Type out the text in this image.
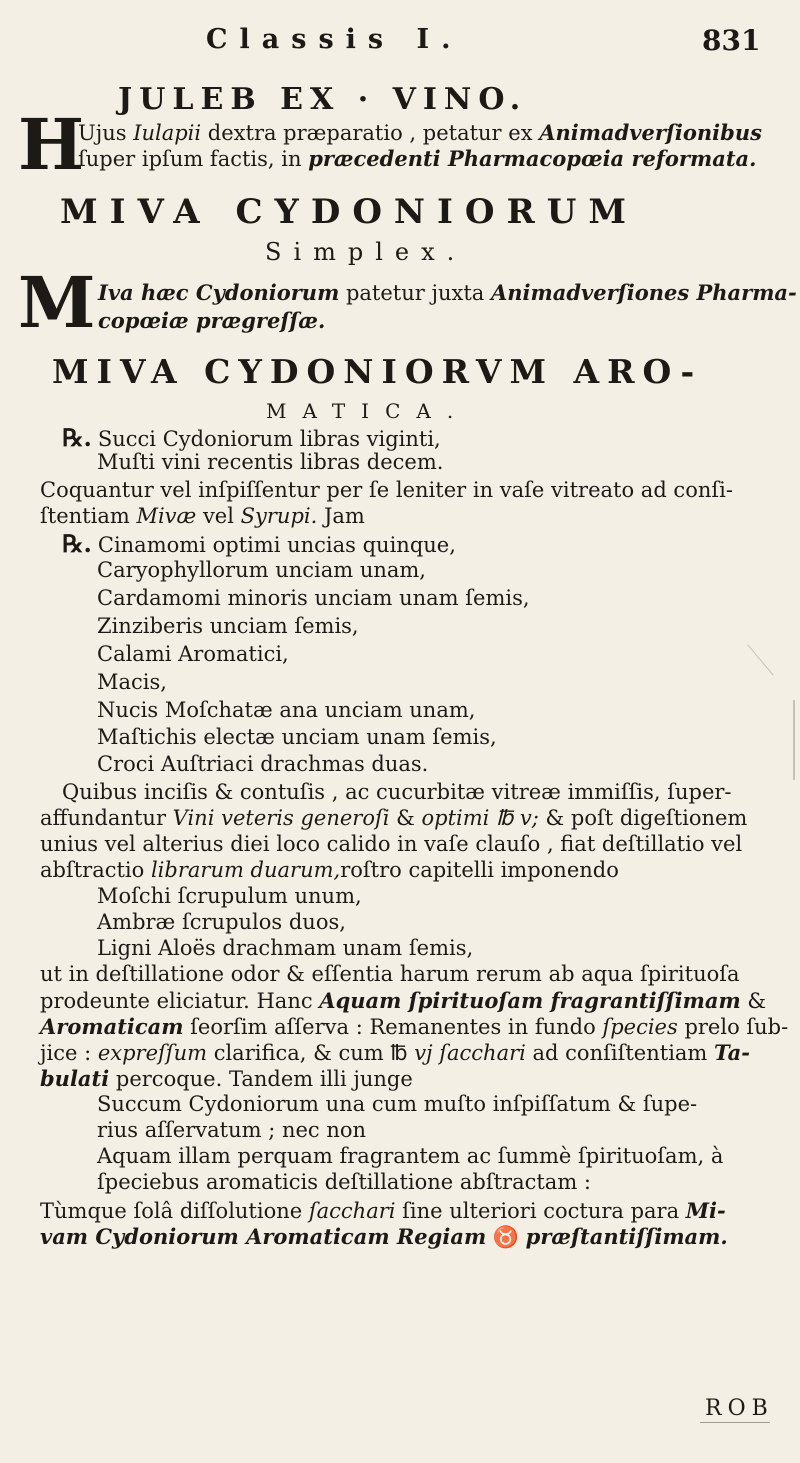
Classis I.	831
JULEB EX · VINO.
H
Ujus Iulapii dextra præparatio , petatur ex Animadverſionibus
ſuper ipſum factis, in præcedenti Pharmacopœia reformata.
MIVA CYDONIORUM
Simplex.
M Iva hæc Cydoniorum patetur juxta Animadverſiones Pharma-
copœiæ prægreſſæ.
MIVA CYDONIORVM ARO-
MATICA.
℞. Succi Cydoniorum libras viginti,
Muſti vini recentis libras decem.
Coquantur vel inſpiſſentur per ſe leniter in vaſe vitreato ad conſi-
ſtentiam Mivæ vel Syrupi. Jam
℞. Cinamomi optimi uncias quinque,
Caryophyllorum unciam unam,
Cardamomi minoris unciam unam ſemis,
Zinziberis unciam ſemis,
Calami Aromatici,
Macis,
Nucis Moſchatæ ana unciam unam,
Maſtichis electæ unciam unam ſemis,
Croci Auſtriaci drachmas duas.
Quibus inciſis & contuſis , ac cucurbitæ vitreæ immiſſis, ſuper-
affundantur Vini veteris generoſi & optimi ℔ v; & poſt digeſtionem
unius vel alterius diei loco calido in vaſe clauſo , fiat deſtillatio vel
abſtractio librarum duarum,roſtro capitelli imponendo
Moſchi ſcrupulum unum,
Ambræ ſcrupulos duos,
Ligni Aloës drachmam unam ſemis,
ut in deſtillatione odor & eſſentia harum rerum ab aqua ſpirituoſa
prodeunte eliciatur. Hanc Aquam ſpirituoſam fragrantiſſimam &
Aromaticam ſeorſim aſſerva : Remanentes in fundo ſpecies prelo ſub-
jice : expreſſum clarifica, & cum ℔ vj ſacchari ad conſiſtentiam Ta-
bulati percoque. Tandem illi junge
Succum Cydoniorum una cum muſto inſpiſſatum & ſupe-
rius aſſervatum ; nec non
Aquam illam perquam fragrantem ac ſummè ſpirituoſam, à
ſpeciebus aromaticis deſtillatione abſtractam :
Tùmque ſolâ diſſolutione ſacchari ſine ulteriori coctura para Mi-
vam Cydoniorum Aromaticam Regiam ♉ præſtantiſſimam.
ROB
